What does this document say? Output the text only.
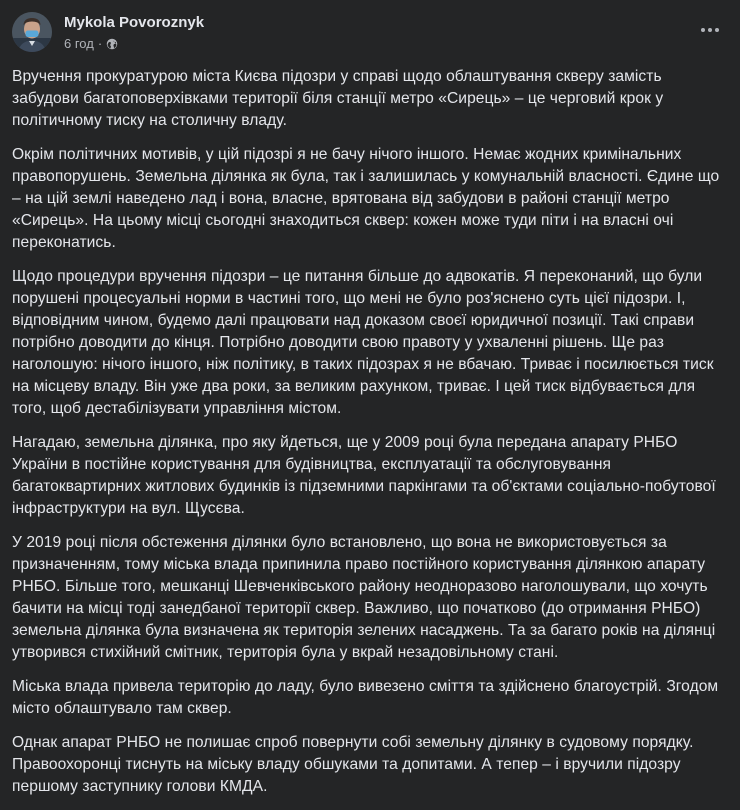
Mykola Povoroznyk
6 год ·

Вручення прокуратурою міста Києва підозри у справі щодо облаштування скверу замість забудови багатоповерхівками території біля станції метро «Сирець» – це черговий крок у політичному тиску на столичну владу.

Окрім політичних мотивів, у цій підозрі я не бачу нічого іншого. Немає жодних кримінальних правопорушень. Земельна ділянка як була, так і залишилась у комунальній власності. Єдине що – на цій землі наведено лад і вона, власне, врятована від забудови в районі станції метро «Сирець». На цьому місці сьогодні знаходиться сквер: кожен може туди піти і на власні очі переконатись.

Щодо процедури вручення підозри – це питання більше до адвокатів. Я переконаний, що були порушені процесуальні норми в частині того, що мені не було роз'яснено суть цієї підозри. І, відповідним чином, будемо далі працювати над доказом своєї юридичної позиції. Такі справи потрібно доводити до кінця. Потрібно доводити свою правоту у ухваленні рішень. Ще раз наголошую: нічого іншого, ніж політику, в таких підозрах я не вбачаю. Триває і посилюється тиск на місцеву владу. Він уже два роки, за великим рахунком, триває. І цей тиск відбувається для того, щоб дестабілізувати управління містом.

Нагадаю, земельна ділянка, про яку йдеться, ще у 2009 році була передана апарату РНБО України в постійне користування для будівництва, експлуатації та обслуговування багатоквартирних житлових будинків із підземними паркінгами та об'єктами соціально-побутової інфраструктури на вул. Щусєва.

У 2019 році після обстеження ділянки було встановлено, що вона не використовується за призначенням, тому міська влада припинила право постійного користування ділянкою апарату РНБО. Більше того, мешканці Шевченківського району неодноразово наголошували, що хочуть бачити на місці тоді занедбаної території сквер. Важливо, що початково (до отримання РНБО) земельна ділянка була визначена як територія зелених насаджень. Та за багато років на ділянці утворився стихійний смітник, територія була у вкрай незадовільному стані.

Міська влада привела територію до ладу, було вивезено сміття та здійснено благоустрій. Згодом місто облаштувало там сквер.

Однак апарат РНБО не полишає спроб повернути собі земельну ділянку в судовому порядку. Правоохоронці тиснуть на міську владу обшуками та допитами. А тепер – і вручили підозру першому заступнику голови КМДА.
